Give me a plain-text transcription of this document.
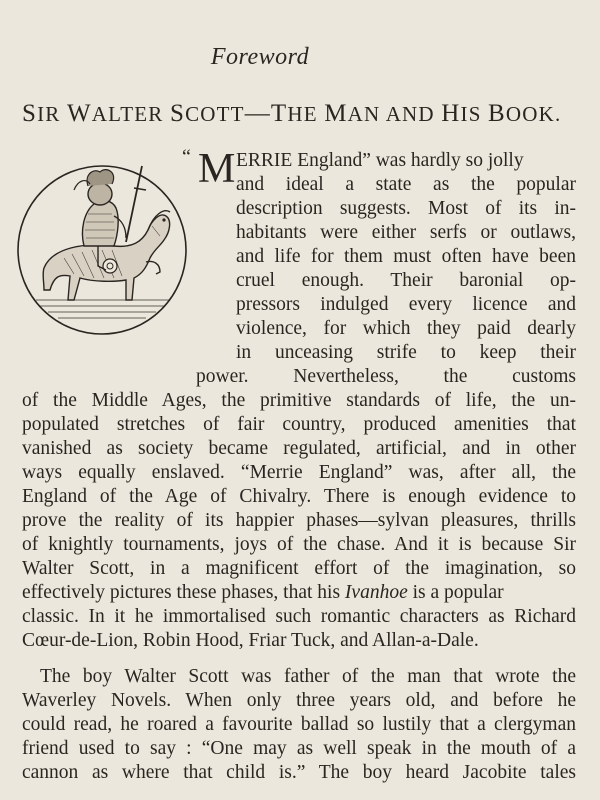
Foreword
SIR WALTER SCOTT—THE MAN AND HIS BOOK.
“ M ERRIE England” was hardly so jolly
and ideal a state as the popular
description suggests. Most of its in-
habitants were either serfs or outlaws,
and life for them must often have been
cruel enough. Their baronial op-
pressors indulged every licence and
violence, for which they paid dearly
in unceasing strife to keep their
power. Nevertheless, the customs
of the Middle Ages, the primitive standards of life, the un-
populated stretches of fair country, produced amenities that
vanished as society became regulated, artificial, and in other
ways equally enslaved. “Merrie England” was, after all, the
England of the Age of Chivalry. There is enough evidence to
prove the reality of its happier phases—sylvan pleasures, thrills
of knightly tournaments, joys of the chase. And it is because Sir
Walter Scott, in a magnificent effort of the imagination, so
effectively pictures these phases, that his Ivanhoe is a popular
classic. In it he immortalised such romantic characters as Richard
Cœur-de-Lion, Robin Hood, Friar Tuck, and Allan-a-Dale.
The boy Walter Scott was father of the man that wrote the
Waverley Novels. When only three years old, and before he
could read, he roared a favourite ballad so lustily that a clergyman
friend used to say : “One may as well speak in the mouth of a
cannon as where that child is.” The boy heard Jacobite tales
